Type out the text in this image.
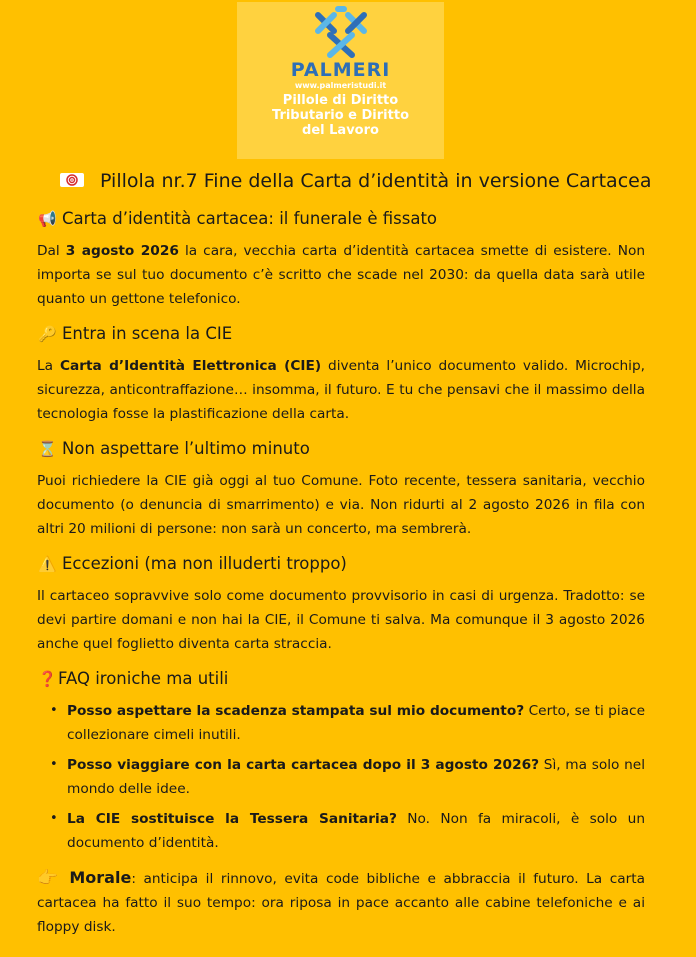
PALMERI
www.palmeristudi.it
Pillole di Diritto
Tributario e Diritto
del Lavoro
Pillola nr.7 Fine della Carta d’identità in versione Cartacea
📢 Carta d’identità cartacea: il funerale è fissato
Dal 3 agosto 2026 la cara, vecchia carta d’identità cartacea smette di esistere. Non importa se sul tuo documento c’è scritto che scade nel 2030: da quella data sarà utile quanto un gettone telefonico.
🔑 Entra in scena la CIE
La Carta d’Identità Elettronica (CIE) diventa l’unico documento valido. Microchip, sicurezza, anticontraffazione… insomma, il futuro. E tu che pensavi che il massimo della tecnologia fosse la plastificazione della carta.
⌛ Non aspettare l’ultimo minuto
Puoi richiedere la CIE già oggi al tuo Comune. Foto recente, tessera sanitaria, vecchio documento (o denuncia di smarrimento) e via. Non ridurti al 2 agosto 2026 in fila con altri 20 milioni di persone: non sarà un concerto, ma sembrerà.
⚠️ Eccezioni (ma non illuderti troppo)
Il cartaceo sopravvive solo come documento provvisorio in casi di urgenza. Tradotto: se devi partire domani e non hai la CIE, il Comune ti salva. Ma comunque il 3 agosto 2026 anche quel foglietto diventa carta straccia.
❓FAQ ironiche ma utili
• Posso aspettare la scadenza stampata sul mio documento? Certo, se ti piace collezionare cimeli inutili.
• Posso viaggiare con la carta cartacea dopo il 3 agosto 2026? Sì, ma solo nel mondo delle idee.
• La CIE sostituisce la Tessera Sanitaria? No. Non fa miracoli, è solo un documento d’identità.
👉 Morale: anticipa il rinnovo, evita code bibliche e abbraccia il futuro. La carta cartacea ha fatto il suo tempo: ora riposa in pace accanto alle cabine telefoniche e ai floppy disk.
